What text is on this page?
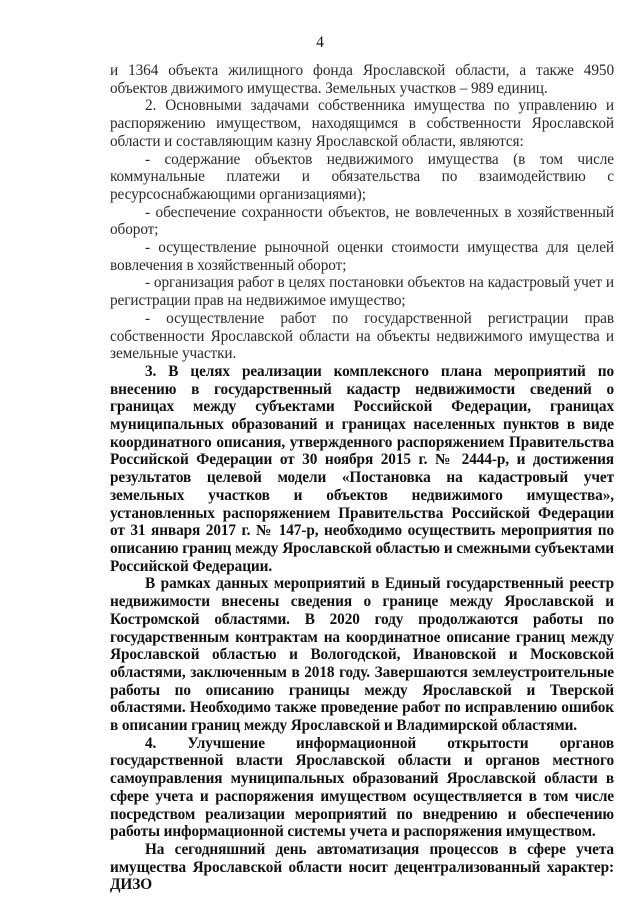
4

и 1364 объекта жилищного фонда Ярославской области, а также 4950 объектов движимого имущества. Земельных участков – 989 единиц.

2. Основными задачами собственника имущества по управлению и распоряжению имуществом, находящимся в собственности Ярославской области и составляющим казну Ярославской области, являются:

- содержание объектов недвижимого имущества (в том числе коммунальные платежи и обязательства по взаимодействию с ресурсоснабжающими организациями);

- обеспечение сохранности объектов, не вовлеченных в хозяйственный оборот;

- осуществление рыночной оценки стоимости имущества для целей вовлечения в хозяйственный оборот;

- организация работ в целях постановки объектов на кадастровый учет и регистрации прав на недвижимое имущество;

- осуществление работ по государственной регистрации прав собственности Ярославской области на объекты недвижимого имущества и земельные участки.

3. В целях реализации комплексного плана мероприятий по внесению в государственный кадастр недвижимости сведений о границах между субъектами Российской Федерации, границах муниципальных образований и границах населенных пунктов в виде координатного описания, утвержденного распоряжением Правительства Российской Федерации от 30 ноября 2015 г. № 2444-р, и достижения результатов целевой модели «Постановка на кадастровый учет земельных участков и объектов недвижимого имущества», установленных распоряжением Правительства Российской Федерации от 31 января 2017 г. № 147-р, необходимо осуществить мероприятия по описанию границ между Ярославской областью и смежными субъектами Российской Федерации.

В рамках данных мероприятий в Единый государственный реестр недвижимости внесены сведения о границе между Ярославской и Костромской областями. В 2020 году продолжаются работы по государственным контрактам на координатное описание границ между Ярославской областью и Вологодской, Ивановской и Московской областями, заключенным в 2018 году. Завершаются землеустроительные работы по описанию границы между Ярославской и Тверской областями. Необходимо также проведение работ по исправлению ошибок в описании границ между Ярославской и Владимирской областями.

4. Улучшение информационной открытости органов государственной власти Ярославской области и органов местного самоуправления муниципальных образований Ярославской области в сфере учета и распоряжения имуществом осуществляется в том числе посредством реализации мероприятий по внедрению и обеспечению работы информационной системы учета и распоряжения имуществом.

На сегодняшний день автоматизация процессов в сфере учета имущества Ярославской области носит децентрализованный характер: ДИЗО
